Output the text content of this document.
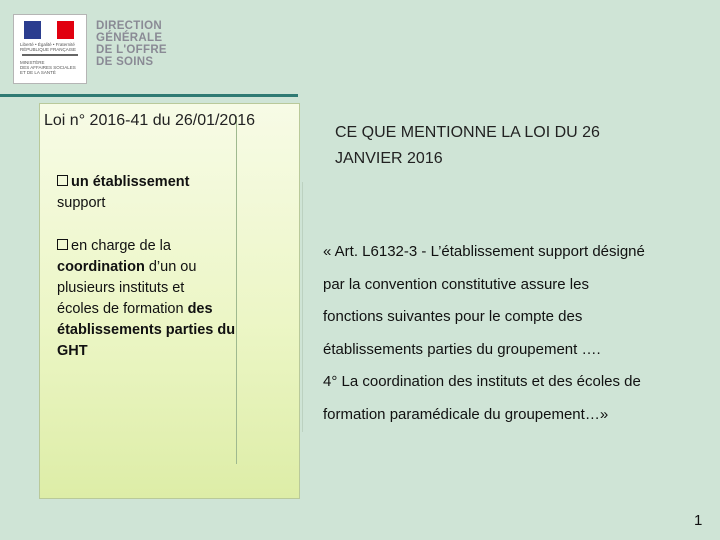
Liberté • Égalité • Fraternité
RÉPUBLIQUE FRANÇAISE
MINISTÈRE
DES AFFAIRES SOCIALES
ET DE LA SANTÉ
DIRECTION
GÉNÉRALE
DE L'OFFRE
DE SOINS
Loi n° 2016-41 du 26/01/2016
un établissement
support
en charge de la
coordination d’un ou
plusieurs instituts et
écoles de formation des
établissements parties du
GHT
CE QUE MENTIONNE LA LOI DU 26
JANVIER 2016
« Art. L6132-3 - L’établissement support désigné
par la convention constitutive assure les
fonctions suivantes pour le compte des
établissements parties du groupement ….
4° La coordination des instituts et des écoles de
formation paramédicale du groupement…»
1
